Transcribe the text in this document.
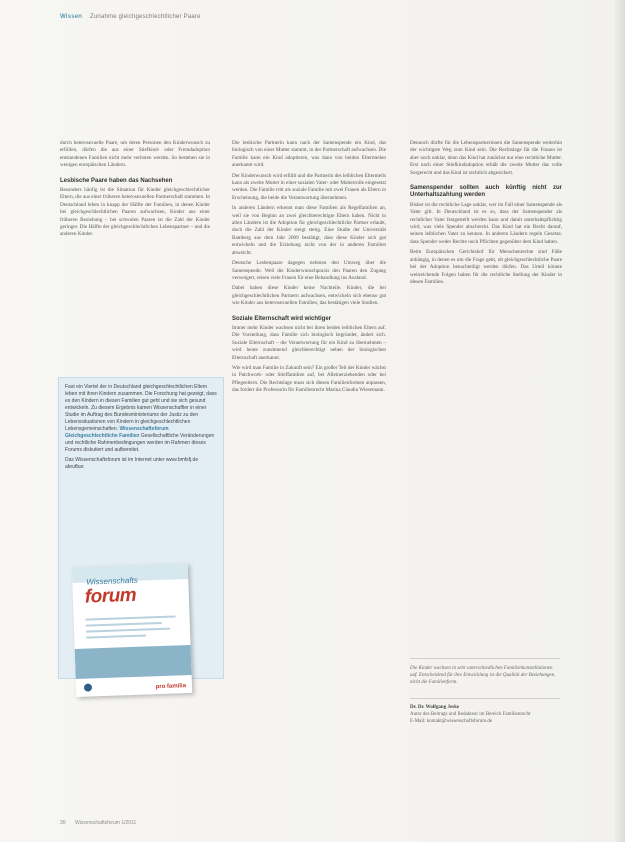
Wissen Zunahme gleichgeschlechtlicher Paare

durch heterosexuelle Paare, um deren Personen den Kinderwunsch zu erfüllen, dürfen die aus einer Stiefkind- oder Fremdadoption entstandenen Familien nicht mehr verboten werden. So bestehen sie in wenigen europäischen Ländern.

Lesbische Paare haben das Nachsehen

Besonders häufig ist die Situation für Kinder gleichgeschlechtlicher Eltern, die aus einer früheren heterosexuellen Partnerschaft stammen. In Deutschland leben in knapp der Hälfte der Familien, in denen Kinder bei gleichgeschlechtlichen Paaren aufwachsen, Kinder aus einer früheren Beziehung – bei schwulen Paaren ist die Zahl der Kinder geringer. Die Hälfte der gleichgeschlechtlichen Lebenspartner – und die anderen Kinder.

Die lesbische Partnerin kann nach der Samenspende ein Kind, das biologisch von einer Mutter stammt, in der Partnerschaft aufwachsen. Die Familie kann ein Kind adoptieren, was dann von beiden Elternteilen anerkannt wird.

Der Kinderwunsch wird erfüllt und die Partnerin des leiblichen Elternteils kann als zweite Mutter in einer sozialen Vater- oder Mutterrolle eingesetzt werden. Die Familie tritt als soziale Familie mit zwei Frauen als Eltern in Erscheinung, die beide die Verantwortung übernehmen.

In anderen Ländern erkennt man diese Familien als Regelfamilien an, weil sie von Beginn an zwei gleichberechtigte Eltern haben. Nicht in allen Ländern ist die Adoption für gleichgeschlechtliche Partner erlaubt, doch die Zahl der Kinder steigt stetig. Eine Studie der Universität Bamberg aus dem Jahr 2009 bestätigt, dass diese Kinder sich gut entwickeln und die Erziehung nicht von der in anderen Familien abweicht.

Deutsche Lesbenpaare dagegen nehmen den Umweg über die Samenspende. Weil die Kinderwunschpraxis den Paaren den Zugang verweigert, reisen viele Frauen für eine Behandlung ins Ausland.

Dabei haben diese Kinder keine Nachteile. Kinder, die bei gleichgeschlechtlichen Partnern aufwachsen, entwickeln sich ebenso gut wie Kinder aus heterosexuellen Familien, das bestätigen viele Studien.

Soziale Elternschaft wird wichtiger

Immer mehr Kinder wachsen nicht bei ihren beiden leiblichen Eltern auf. Die Vorstellung, dass Familie sich biologisch begründet, ändert sich. Soziale Elternschaft – die Verantwortung für ein Kind zu übernehmen – wird heute zunehmend gleichberechtigt neben der biologischen Elternschaft anerkannt.

Wie wird man Familie in Zukunft sein? Ein großer Teil der Kinder wächst in Patchwork- oder Stieffamilien auf, bei Alleinerziehenden oder bei Pflegeeltern. Die Rechtslage muss sich diesen Familienformen anpassen, das fordert die Professorin für Familienrecht Marina Claudia Wiesemann.

Dennoch dürfte für die Lebenspartnerinnen die Samenspende weiterhin der wichtigste Weg zum Kind sein. Die Rechtslage für die Frauen ist aber noch unklar, denn das Kind hat zunächst nur eine rechtliche Mutter. Erst nach einer Stiefkindadoption erhält die zweite Mutter das volle Sorgerecht und das Kind ist rechtlich abgesichert.

Samenspender sollten auch künftig nicht zur Unterhaltszahlung werden

Bisher ist die rechtliche Lage unklar, wer im Fall einer Samenspende als Vater gilt. In Deutschland ist es so, dass der Samenspender als rechtlicher Vater festgestellt werden kann und damit unterhaltspflichtig wird, was viele Spender abschreckt. Das Kind hat ein Recht darauf, seinen leiblichen Vater zu kennen. In anderen Ländern regeln Gesetze, dass Spender weder Rechte noch Pflichten gegenüber dem Kind haben.

Beim Europäischen Gerichtshof für Menschenrechte sind Fälle anhängig, in denen es um die Frage geht, ob gleichgeschlechtliche Paare bei der Adoption benachteiligt werden dürfen. Das Urteil könnte weitreichende Folgen haben für die rechtliche Stellung der Kinder in diesen Familien.

Fast ein Viertel der in Deutschland gleichgeschlechtlichen Eltern leben mit ihren Kindern zusammen. Die Forschung hat gezeigt, dass es den Kindern in diesen Familien gut geht und sie sich gesund entwickeln. Zu diesem Ergebnis kamen Wissenschaftler in einer Studie im Auftrag des Bundesministeriums der Justiz zu den Lebenssituationen von Kindern in gleichgeschlechtlichen Lebensgemeinschaften. Wissenschaftsforum Gleichgeschlechtliche Familien Gesellschaftliche Veränderungen und rechtliche Rahmenbedingungen werden im Rahmen dieses Forums diskutiert und aufbereitet.

Das Wissenschaftsforum ist im Internet unter www.bmfsfj.de abrufbar.

Wissenschafts
forum
pro familia
Die Kinder wachsen in sehr unterschiedlichen Familienkonstellationen auf. Entscheidend für ihre Entwicklung ist die Qualität der Beziehungen, nicht die Familienform.
Dr. Dr. Wolfgang Jeske
Autor des Beitrags und Redakteur im Bereich Familienrecht
E-Mail: kontakt@wissenschaftsforum.de
30 Wissenschaftsforum 1/2011
